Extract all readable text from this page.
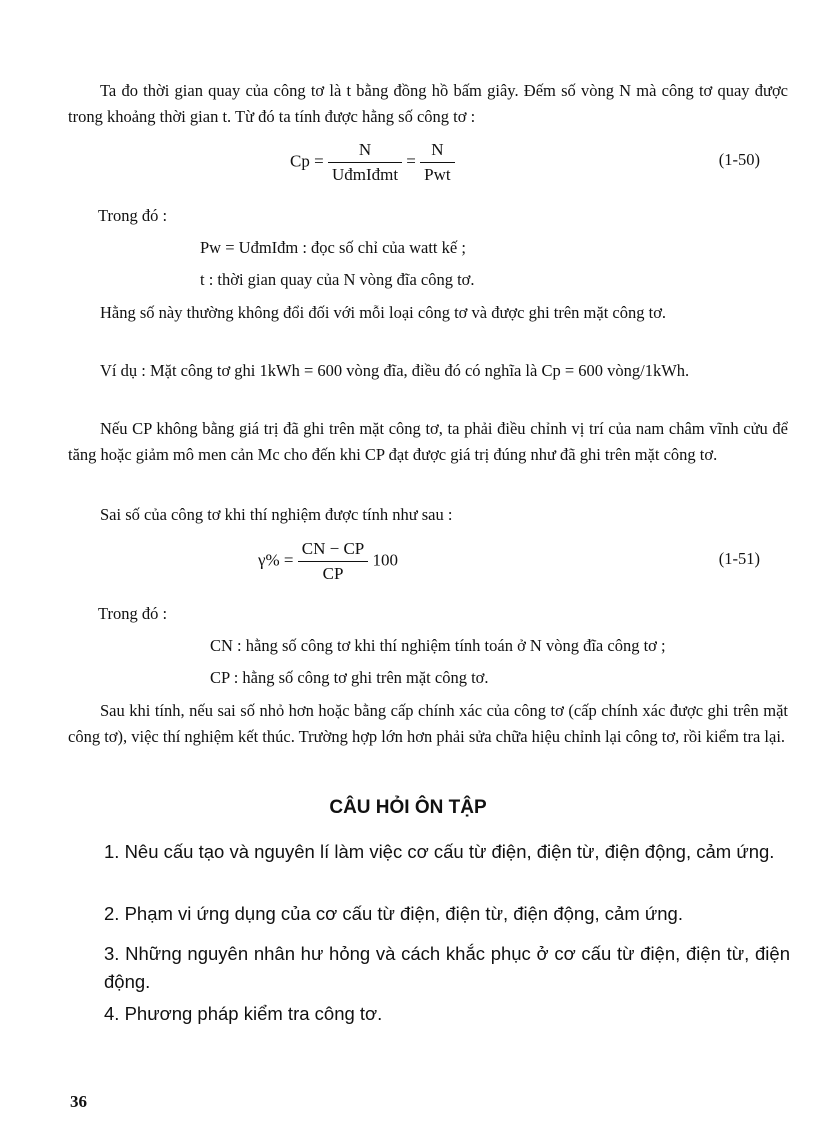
Ta đo thời gian quay của công tơ là t bằng đồng hồ bấm giây. Đếm số vòng N mà công tơ quay được trong khoảng thời gian t. Từ đó ta tính được hằng số công tơ :

$Cp = \frac{N}{\text{UđmIđmt}} = \frac{N}{\text{Pwt}}$	(1-50)
Trong đó :
Pw = UđmIđm : đọc số chỉ của watt kế ;
t : thời gian quay của N vòng đĩa công tơ.

Hằng số này thường không đổi đối với mỗi loại công tơ và được ghi trên mặt công tơ.

Ví dụ : Mặt công tơ ghi 1kWh = 600 vòng đĩa, điều đó có nghĩa là Cp = 600 vòng/1kWh.

Nếu CP không bằng giá trị đã ghi trên mặt công tơ, ta phải điều chỉnh vị trí của nam châm vĩnh cửu để tăng hoặc giảm mô men cản Mc cho đến khi CP đạt được giá trị đúng như đã ghi trên mặt công tơ.

Sai số của công tơ khi thí nghiệm được tính như sau :

$\gamma\% = \frac{CN - CP}{CP} 100$	(1-51)
Trong đó :
CN : hằng số công tơ khi thí nghiệm tính toán ở N vòng đĩa công tơ ;
CP : hằng số công tơ ghi trên mặt công tơ.

Sau khi tính, nếu sai số nhỏ hơn hoặc bằng cấp chính xác của công tơ (cấp chính xác được ghi trên mặt công tơ), việc thí nghiệm kết thúc. Trường hợp lớn hơn phải sửa chữa hiệu chỉnh lại công tơ, rồi kiểm tra lại.

CÂU HỎI ÔN TẬP

1. Nêu cấu tạo và nguyên lí làm việc cơ cấu từ điện, điện từ, điện động, cảm ứng.

2. Phạm vi ứng dụng của cơ cấu từ điện, điện từ, điện động, cảm ứng.

3. Những nguyên nhân hư hỏng và cách khắc phục ở cơ cấu từ điện, điện từ, điện động.

4. Phương pháp kiểm tra công tơ.

36
